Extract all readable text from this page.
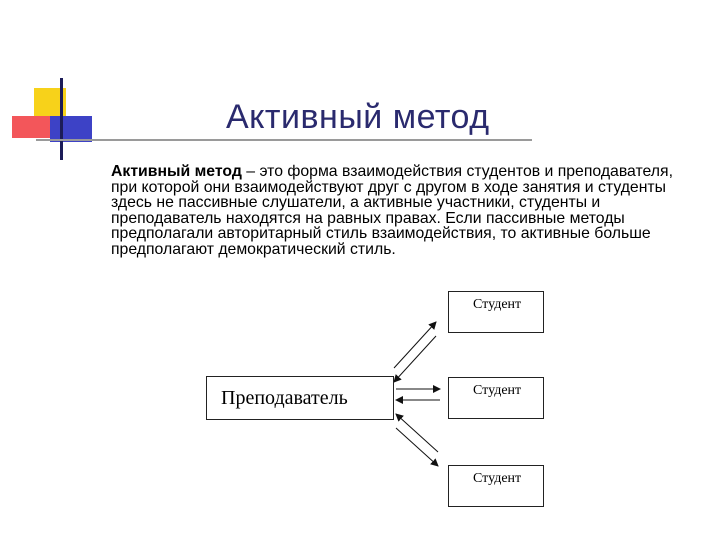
Активный метод
Активный метод – это форма взаимодействия студентов и преподавателя, при которой они взаимодействуют друг с другом в ходе занятия и студенты здесь не пассивные слушатели, а активные участники, студенты и преподаватель находятся на равных правах. Если пассивные методы предполагали авторитарный стиль взаимодействия, то активные больше предполагают демократический стиль.
Преподаватель
Студент
Студент
Студент
